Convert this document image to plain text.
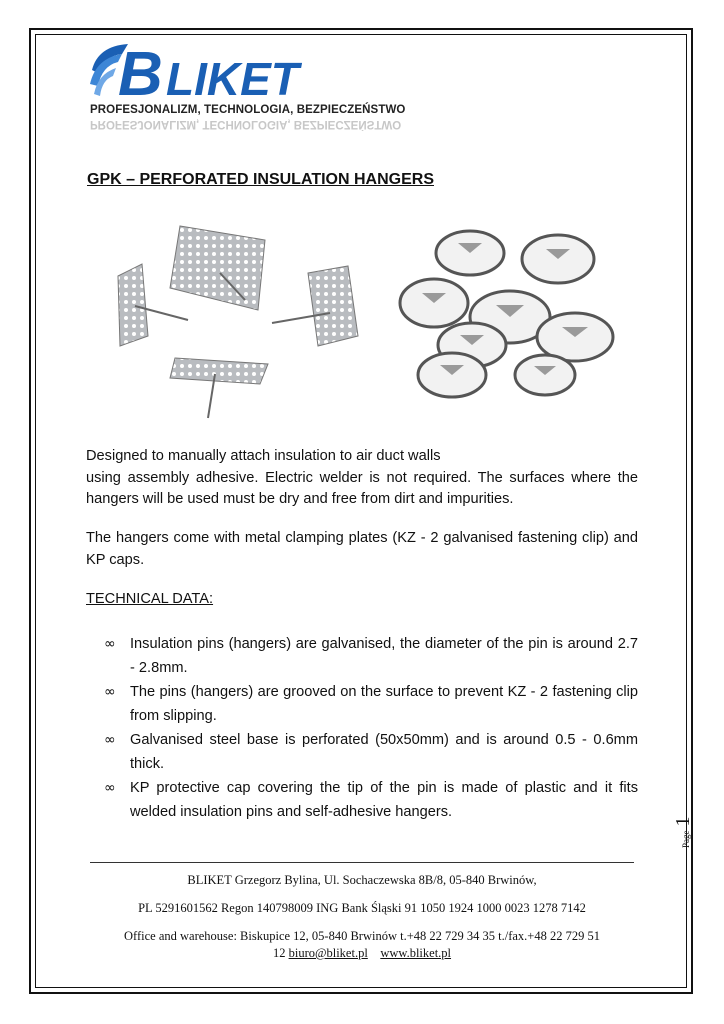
B LIKET
PROFESJONALIZM, TECHNOLOGIA, BEZPIECZEŃSTWO
PROFESJONALIZM, TECHNOLOGIA, BEZPIECZEŃSTWO
GPK – PERFORATED INSULATION HANGERS
Designed to manually attach insulation to air duct walls
using assembly adhesive. Electric welder is not required. The surfaces where the hangers will be used must be dry and free from dirt and impurities.
The hangers come with metal clamping plates (KZ - 2 galvanised fastening clip) and KP caps.
TECHNICAL DATA:
∞ Insulation pins (hangers) are galvanised, the diameter of the pin is around 2.7 - 2.8mm.
∞ The pins (hangers) are grooved on the surface to prevent KZ - 2 fastening clip from slipping.
∞ Galvanised steel base is perforated (50x50mm) and is around 0.5 - 0.6mm thick.
∞ KP protective cap covering the tip of the pin is made of plastic and it fits welded insulation pins and self-adhesive hangers.
Page 1
BLIKET Grzegorz Bylina, Ul. Sochaczewska 8B/8, 05-840 Brwinów,
PL 5291601562 Regon 140798009 ING Bank Śląski 91 1050 1924 1000 0023 1278 7142
Office and warehouse: Biskupice 12, 05-840 Brwinów t.+48 22 729 34 35 t./fax.+48 22 729 51
12 biuro@bliket.pl www.bliket.pl
